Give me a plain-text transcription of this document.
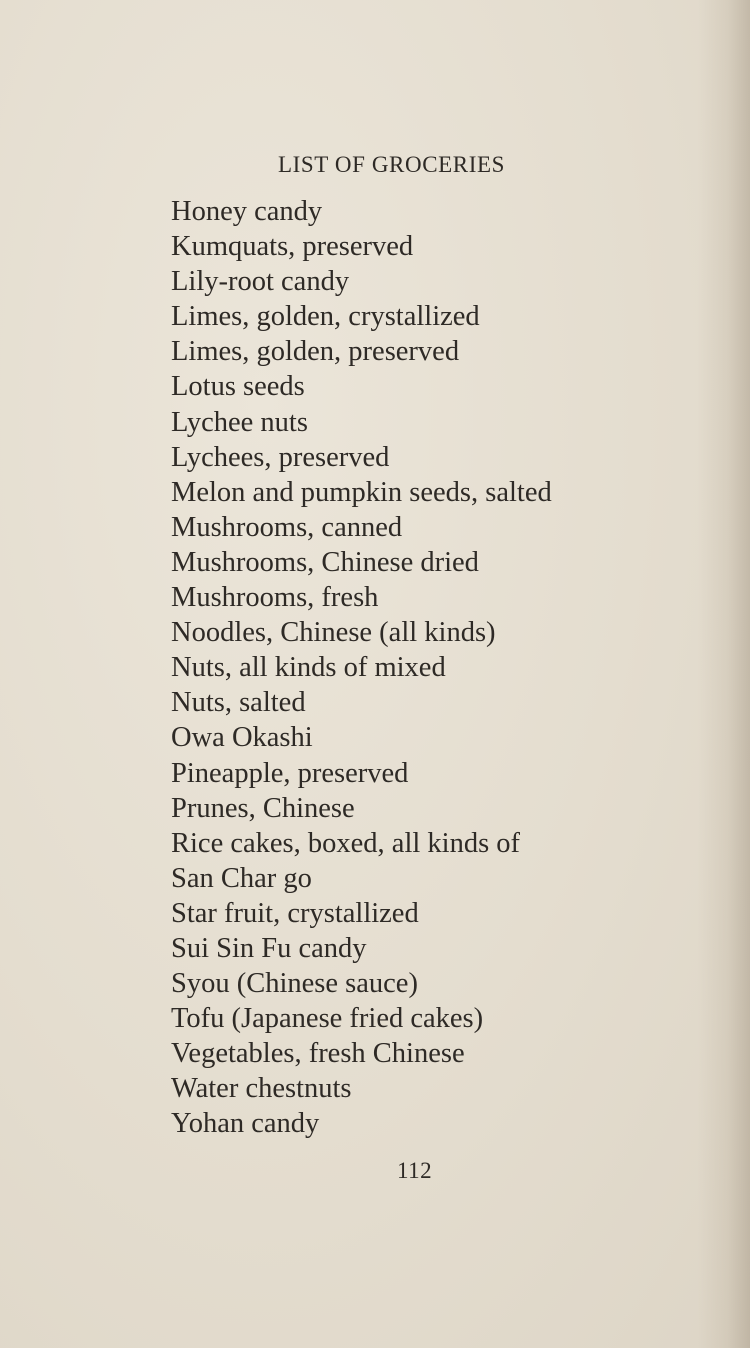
LIST OF GROCERIES
Honey candy
Kumquats, preserved
Lily-root candy
Limes, golden, crystallized
Limes, golden, preserved
Lotus seeds
Lychee nuts
Lychees, preserved
Melon and pumpkin seeds, salted
Mushrooms, canned
Mushrooms, Chinese dried
Mushrooms, fresh
Noodles, Chinese (all kinds)
Nuts, all kinds of mixed
Nuts, salted
Owa Okashi
Pineapple, preserved
Prunes, Chinese
Rice cakes, boxed, all kinds of
San Char go
Star fruit, crystallized
Sui Sin Fu candy
Syou (Chinese sauce)
Tofu (Japanese fried cakes)
Vegetables, fresh Chinese
Water chestnuts
Yohan candy
112
